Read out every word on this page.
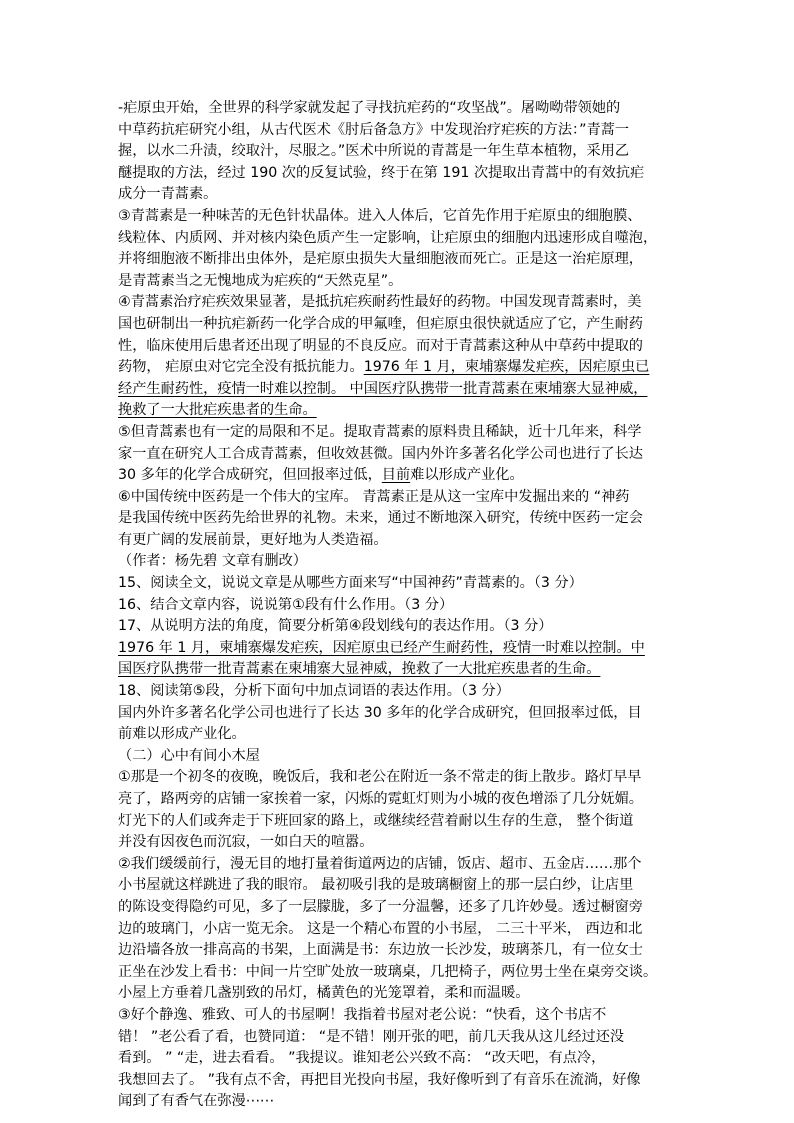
-疟原虫开始，全世界的科学家就发起了寻找抗疟药的“攻坚战”。屠呦呦带领她的
中草药抗疟研究小组，从古代医术《肘后备急方》中发现治疗疟疾的方法：”青蒿一
握，以水二升渍，绞取汁，尽服之。”医术中所说的青蒿是一年生草本植物，采用乙
醚提取的方法，经过 190 次的反复试验，终于在第 191 次提取出青蒿中的有效抗疟
成分一青蒿素。
③青蒿素是一种味苦的无色针状晶体。进入人体后，它首先作用于疟原虫的细胞膜、
线粒体、内质网、并对核内染色质产生一定影响，让疟原虫的细胞内迅速形成自噬泡，
并将细胞液不断排出虫体外，是疟原虫损失大量细胞液而死亡。正是这一治疟原理，
是青蒿素当之无愧地成为疟疾的“天然克星”。
④青蒿素治疗疟疾效果显著，是抵抗疟疾耐药性最好的药物。中国发现青蒿素时，美
国也研制出一种抗疟新药一化学合成的甲氟喹，但疟原虫很快就适应了它，产生耐药
性，临床使用后患者还出现了明显的不良反应。而对于青蒿素这种从中草药中提取的
药物， 疟原虫对它完全没有抵抗能力。1976 年 1 月，柬埔寨爆发疟疾，因疟原虫已
经产生耐药性，疫情一时难以控制。 中国医疗队携带一批青蒿素在柬埔寨大显神威，
挽救了一大批疟疾患者的生命。
⑤但青蒿素也有一定的局限和不足。提取青蒿素的原料贵且稀缺，近十几年来，科学
家一直在研究人工合成青蒿素，但收效甚微。国内外许多著名化学公司也进行了长达
30 多年的化学合成研究，但回报率过低，目前难以形成产业化。
⑥中国传统中医药是一个伟大的宝库。 青蒿素正是从这一宝库中发掘出来的 “神药
是我国传统中医药先给世界的礼物。未来，通过不断地深入研究，传统中医药一定会
有更广阔的发展前景，更好地为人类造福。
（作者：杨先碧 文章有删改）
15、阅读全文，说说文章是从哪些方面来写“中国神药”青蒿素的。（3 分）
16、结合文章内容，说说第①段有什么作用。（3 分）
17、从说明方法的角度，简要分析第④段划线句的表达作用。（3 分）
1976 年 1 月，柬埔寨爆发疟疾，因疟原虫已经产生耐药性，疫情一时难以控制。中
国医疗队携带一批青蒿素在柬埔寨大显神威，挽救了一大批疟疾患者的生命。
18、阅读第⑤段，分析下面句中加点词语的表达作用。（3 分）
国内外许多著名化学公司也进行了长达 30 多年的化学合成研究，但回报率过低，目
前难以形成产业化。
（二）心中有间小木屋
①那是一个初冬的夜晚，晚饭后，我和老公在附近一条不常走的街上散步。路灯早早
亮了，路两旁的店铺一家挨着一家，闪烁的霓虹灯则为小城的夜色增添了几分妩媚。
灯光下的人们或奔走于下班回家的路上，或继续经营着耐以生存的生意， 整个街道
并没有因夜色而沉寂，一如白天的喧嚣。
②我们缓缓前行，漫无目的地打量着街道两边的店铺，饭店、超市、五金店……那个
小书屋就这样跳进了我的眼帘。 最初吸引我的是玻璃橱窗上的那一层白纱，让店里
的陈设变得隐约可见，多了一层朦胧，多了一分温馨，还多了几许妙曼。透过橱窗旁
边的玻璃门，小店一览无余。 这是一个精心布置的小书屋， 二三十平米， 西边和北
边沿墙各放一排高高的书架，上面满是书：东边放一长沙发，玻璃茶几，有一位女士
正坐在沙发上看书：中间一片空旷处放一玻璃桌，几把椅子，两位男士坐在桌旁交谈。
小屋上方垂着几盏别致的吊灯，橘黄色的光笼罩着，柔和而温暖。
③好个静逸、雅致、可人的书屋啊！我指着书屋对老公说：“快看，这个书店不
错！ ”老公看了看，也赞同道： “是不错！刚开张的吧，前几天我从这儿经过还没
看到。 ” “走，进去看看。 ”我提议。谁知老公兴致不高： “改天吧，有点冷，
我想回去了。 ”我有点不舍，再把目光投向书屋，我好像听到了有音乐在流淌，好像
闻到了有香气在弥漫⋯⋯
